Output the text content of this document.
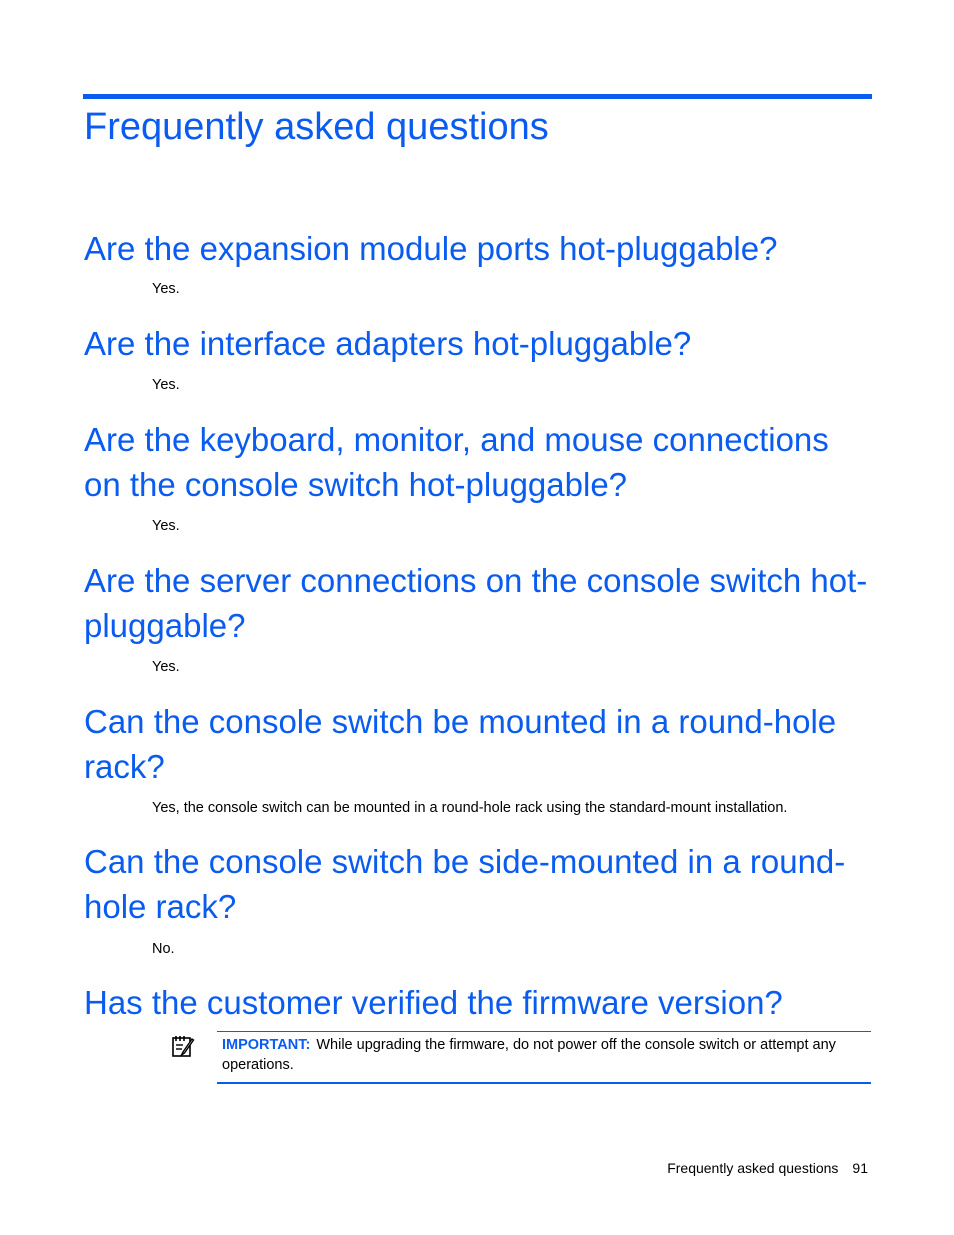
Frequently asked questions
Are the expansion module ports hot-pluggable?

Yes.

Are the interface adapters hot-pluggable?

Yes.

Are the keyboard, monitor, and mouse connections on the console switch hot-pluggable?

Yes.

Are the server connections on the console switch hot-pluggable?

Yes.

Can the console switch be mounted in a round-hole rack?

Yes, the console switch can be mounted in a round-hole rack using the standard-mount installation.

Can the console switch be side-mounted in a round-hole rack?

No.

Has the customer verified the firmware version?

IMPORTANT: While upgrading the firmware, do not power off the console switch or attempt any operations.

Frequently asked questions 91
